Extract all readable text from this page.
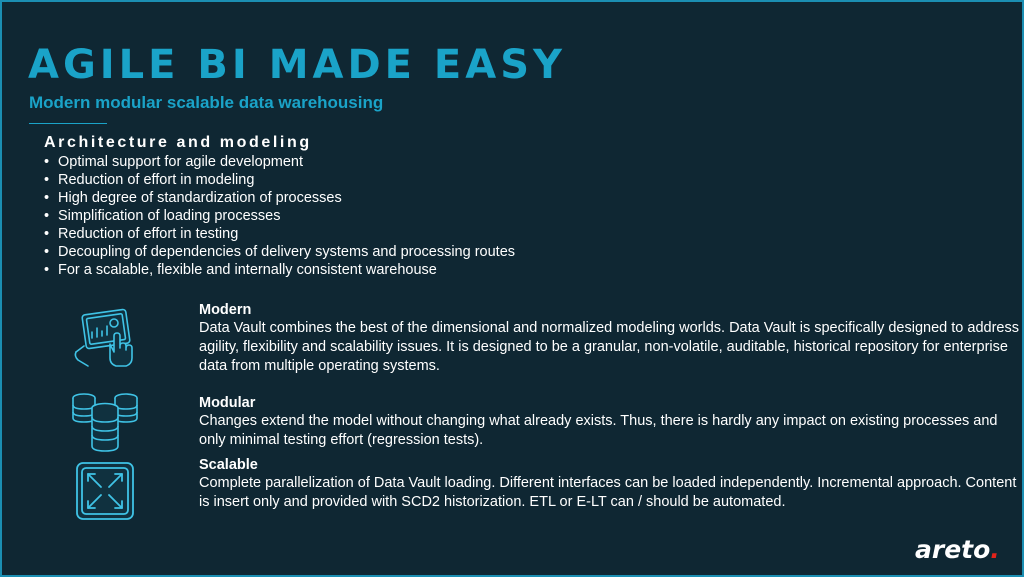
AGILE BI MADE EASY
Modern modular scalable data warehousing
Architecture and modeling
• Optimal support for agile development
• Reduction of effort in modeling
• High degree of standardization of processes
• Simplification of loading processes
• Reduction of effort in testing
• Decoupling of dependencies of delivery systems and processing routes
• For a scalable, flexible and internally consistent warehouse
Modern
Data Vault combines the best of the dimensional and normalized modeling worlds. Data Vault is specifically designed to address agility, flexibility and scalability issues. It is designed to be a granular, non-volatile, auditable, historical repository for enterprise data from multiple operating systems.
Modular
Changes extend the model without changing what already exists. Thus, there is hardly any impact on existing processes and only minimal testing effort (regression tests).
Scalable
Complete parallelization of Data Vault loading. Different interfaces can be loaded independently. Incremental approach. Content is insert only and provided with SCD2 historization. ETL or E-LT can / should be automated.
areto.
